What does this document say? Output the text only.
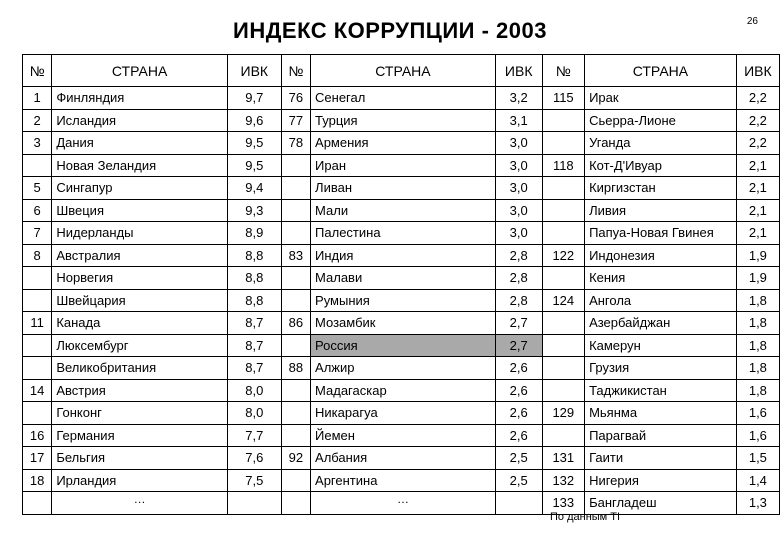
ИНДЕКС КОРРУПЦИИ - 2003	26
№	СТРАНА	ИВК	№	СТРАНА	ИВК	№	СТРАНА	ИВК
1	Финляндия	9,7	76	Сенегал	3,2	115	Ирак	2,2
2	Исландия	9,6	77	Турция	3,1		Сьерра-Лионе	2,2
3	Дания	9,5	78	Армения	3,0		Уганда	2,2
	Новая Зеландия	9,5		Иран	3,0	118	Кот-Д'Ивуар	2,1
5	Сингапур	9,4		Ливан	3,0		Киргизстан	2,1
6	Швеция	9,3		Мали	3,0		Ливия	2,1
7	Нидерланды	8,9		Палестина	3,0		Папуа-Новая Гвинея	2,1
8	Австралия	8,8	83	Индия	2,8	122	Индонезия	1,9
	Норвегия	8,8		Малави	2,8		Кения	1,9
	Швейцария	8,8		Румыния	2,8	124	Ангола	1,8
11	Канада	8,7	86	Мозамбик	2,7		Азербайджан	1,8
	Люксембург	8,7		Россия	2,7		Камерун	1,8
	Великобритания	8,7	88	Алжир	2,6		Грузия	1,8
14	Австрия	8,0		Мадагаскар	2,6		Таджикистан	1,8
	Гонконг	8,0		Никарагуа	2,6	129	Мьянма	1,6
16	Германия	7,7		Йемен	2,6		Парагвай	1,6
17	Бельгия	7,6	92	Албания	2,5	131	Гаити	1,5
18	Ирландия	7,5		Аргентина	2,5	132	Нигерия	1,4
	…			…		133	Бангладеш	1,3
По данным TI
